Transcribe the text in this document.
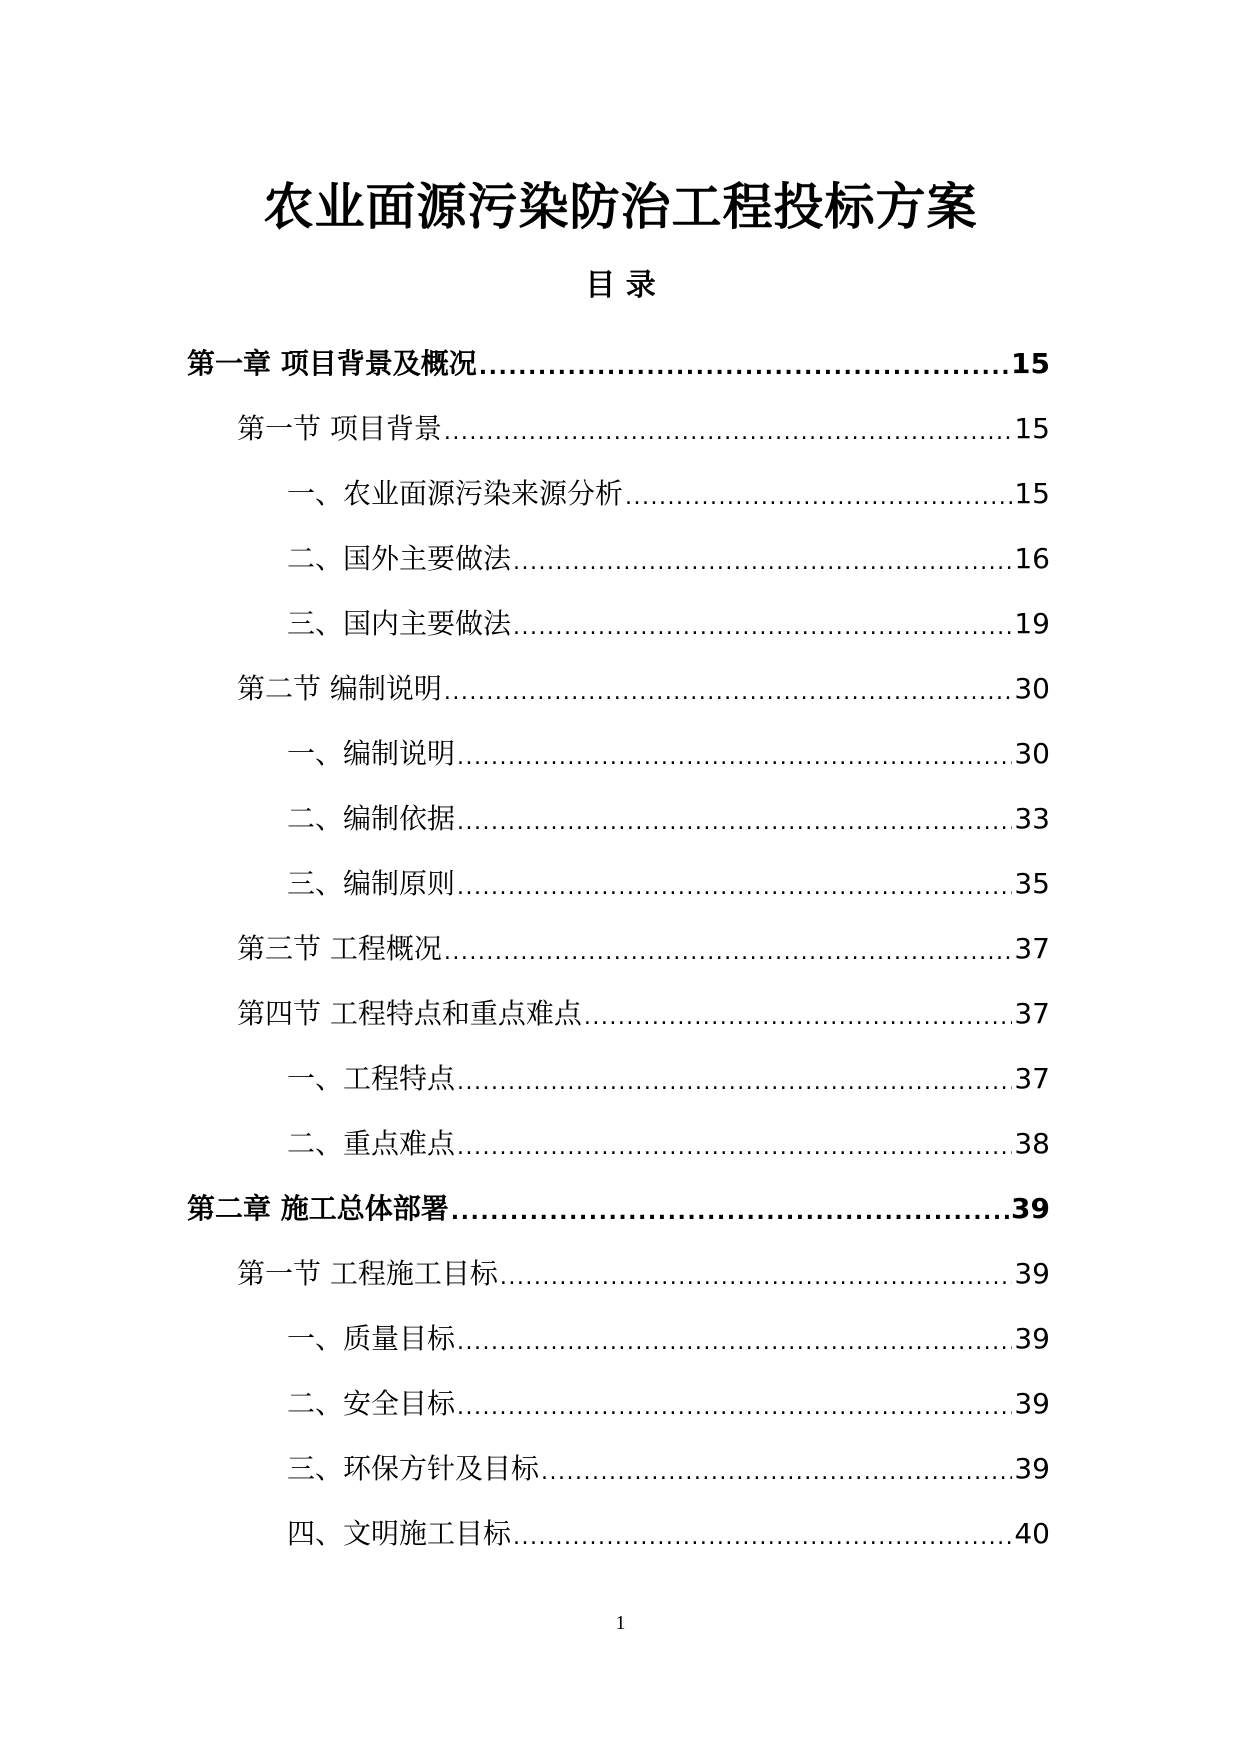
农业面源污染防治工程投标方案
目 录
第一章 项目背景及概况 .....	15
第一节 项目背景 .....	15
一、农业面源污染来源分析 .....	15
二、国外主要做法 .....	16
三、国内主要做法 .....	19
第二节 编制说明 .....	30
一、编制说明 .....	30
二、编制依据 .....	33
三、编制原则 .....	35
第三节 工程概况 .....	37
第四节 工程特点和重点难点 .....	37
一、工程特点 .....	37
二、重点难点 .....	38
第二章 施工总体部署 .....	39
第一节 工程施工目标 .....	39
一、质量目标 .....	39
二、安全目标 .....	39
三、环保方针及目标 .....	39
四、文明施工目标 .....	40
1
